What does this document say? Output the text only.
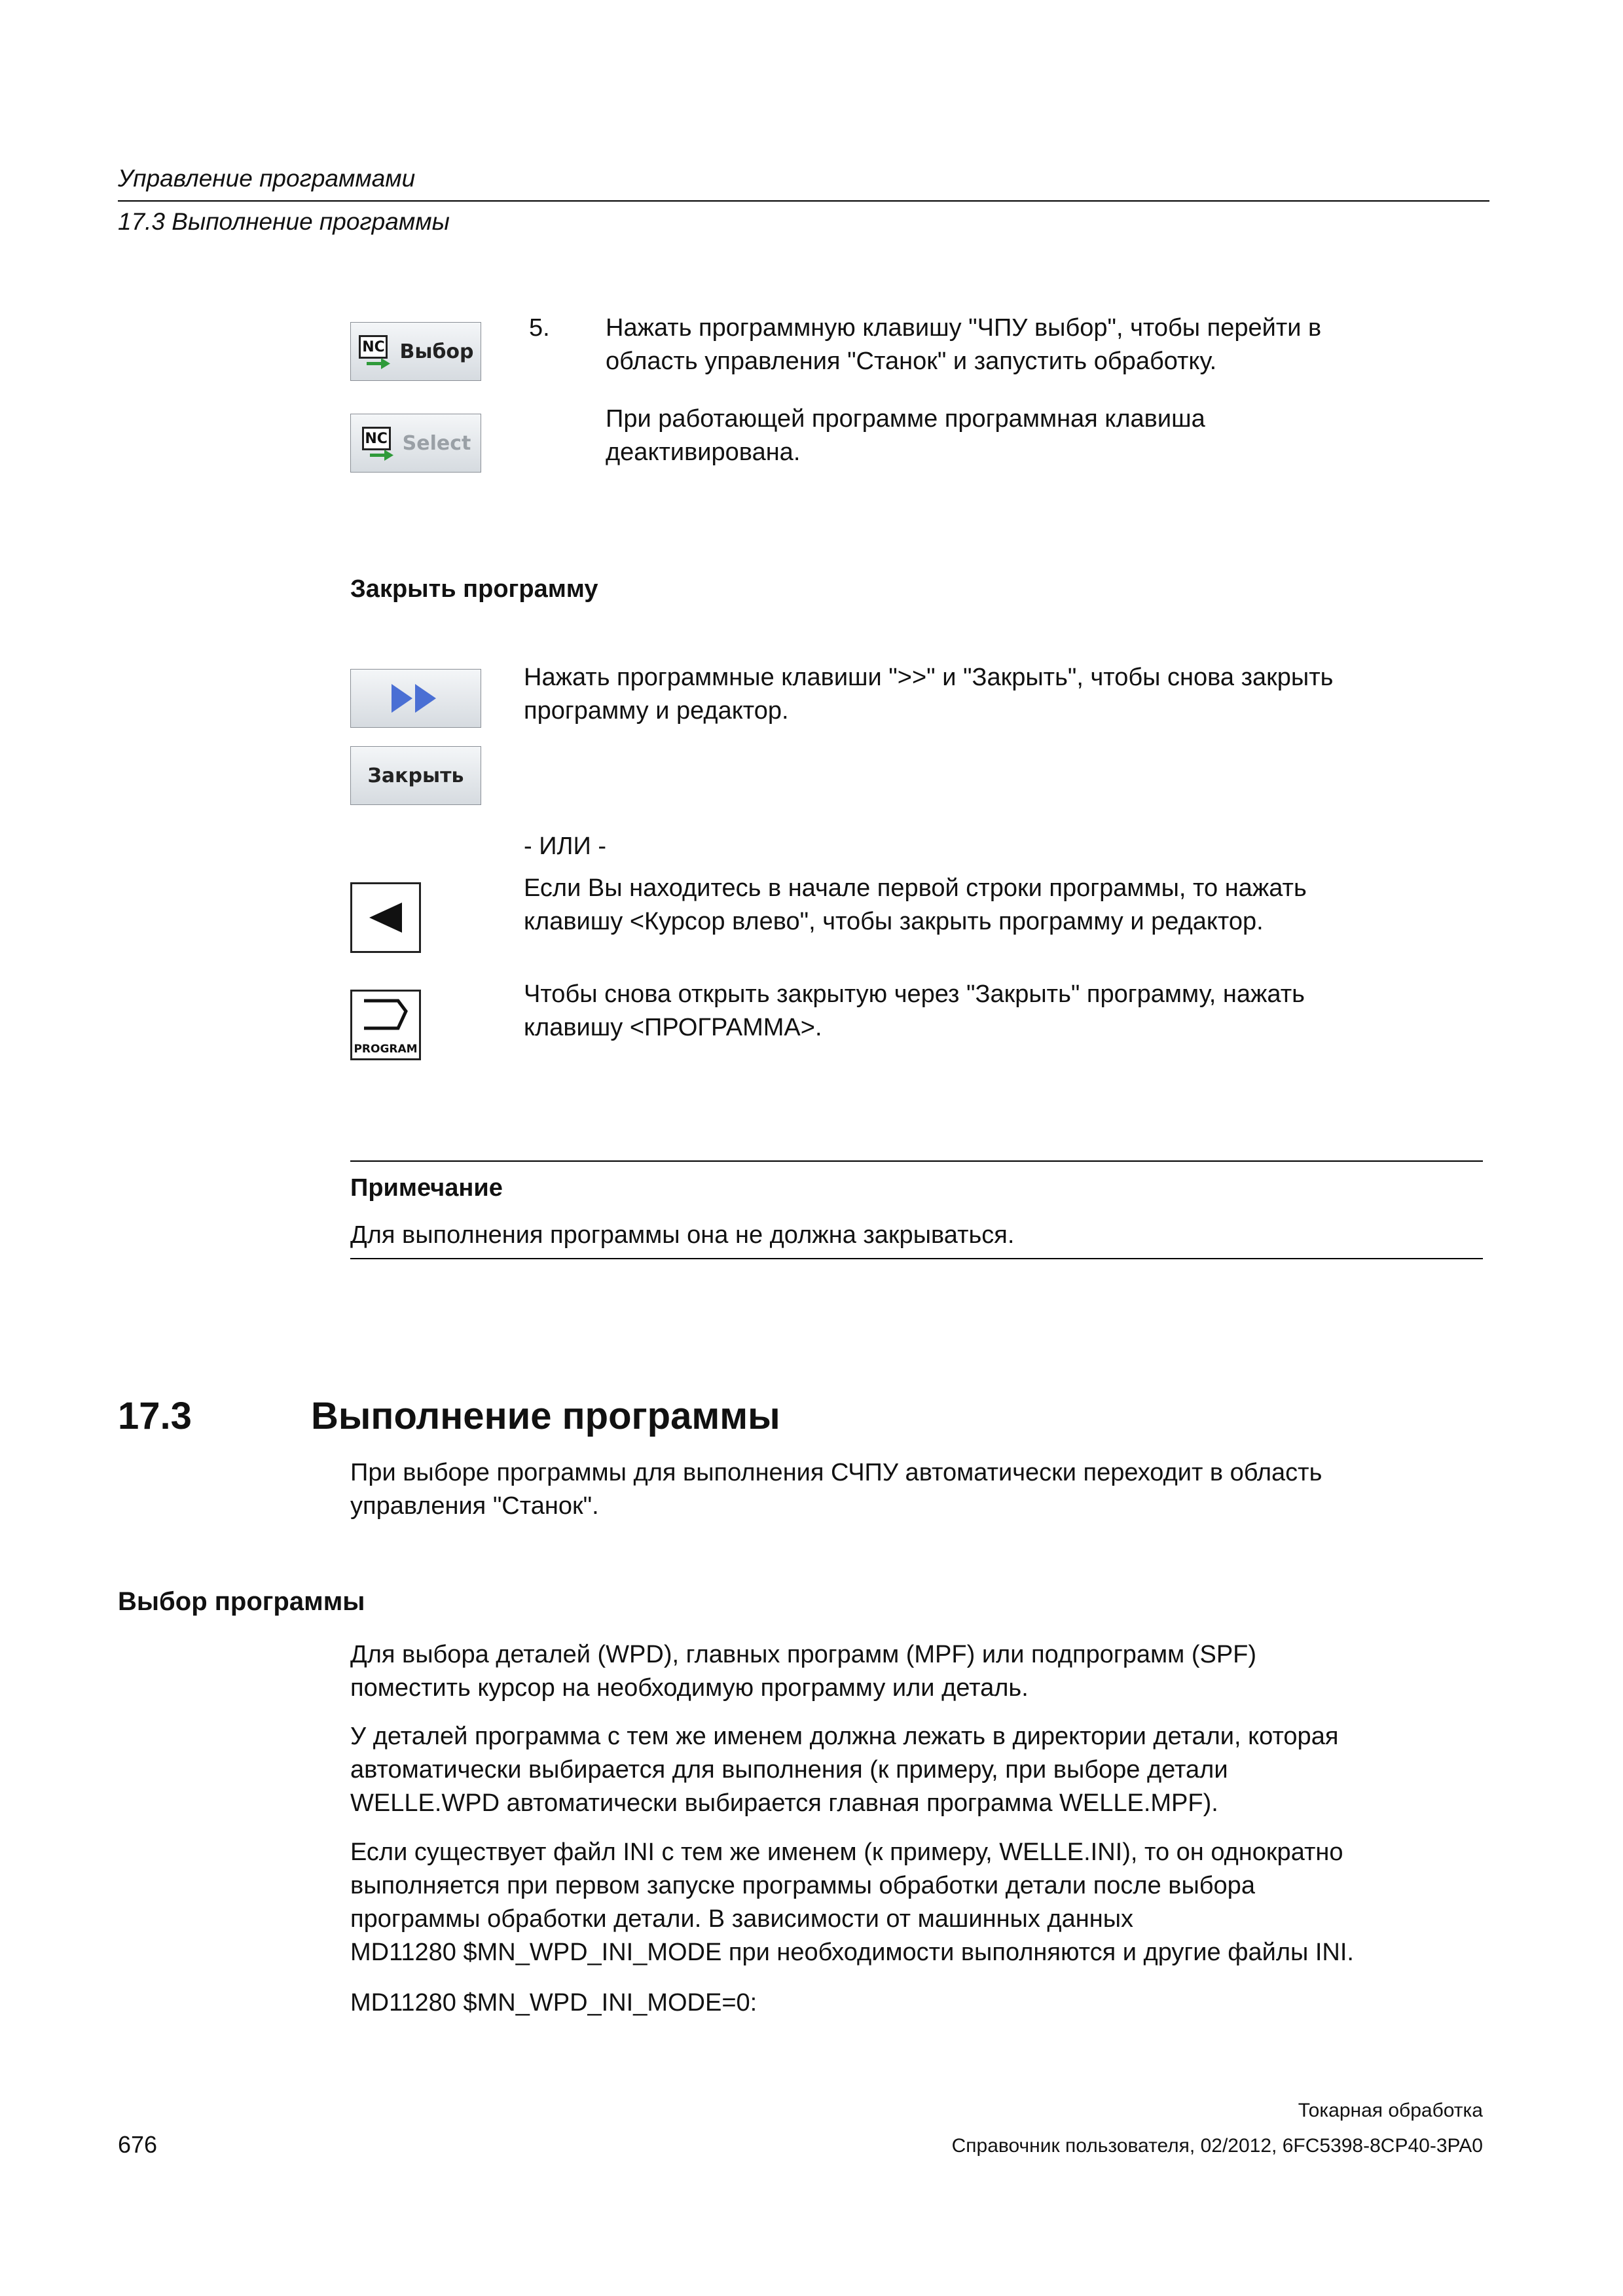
Управление программами
17.3 Выполнение программы
NC Выбор
NC Select
5. Нажать программную клавишу "ЧПУ выбор", чтобы перейти в
область управления "Станок" и запустить обработку.
При работающей программе программная клавиша
деактивирована.
Закрыть программу
Закрыть
Нажать программные клавиши ">>" и "Закрыть", чтобы снова закрыть
программу и редактор.
- ИЛИ -
Если Вы находитесь в начале первой строки программы, то нажать
клавишу <Курсор влево", чтобы закрыть программу и редактор.
PROGRAM
Чтобы снова открыть закрытую через "Закрыть" программу, нажать
клавишу <ПРОГРАММА>.
Примечание
Для выполнения программы она не должна закрываться.
17.3	Выполнение программы
При выборе программы для выполнения СЧПУ автоматически переходит в область
управления "Станок".
Выбор программы
Для выбора деталей (WPD), главных программ (MPF) или подпрограмм (SPF)
поместить курсор на необходимую программу или деталь.
У деталей программа с тем же именем должна лежать в директории детали, которая
автоматически выбирается для выполнения (к примеру, при выборе детали
WELLE.WPD автоматически выбирается главная программа WELLE.MPF).
Если существует файл INI с тем же именем (к примеру, WELLE.INI), то он однократно
выполняется при первом запуске программы обработки детали после выбора
программы обработки детали. В зависимости от машинных данных
MD11280 $MN_WPD_INI_MODE при необходимости выполняются и другие файлы INI.
MD11280 $MN_WPD_INI_MODE=0:
Токарная обработка
676	Справочник пользователя, 02/2012, 6FC5398-8CP40-3PA0
